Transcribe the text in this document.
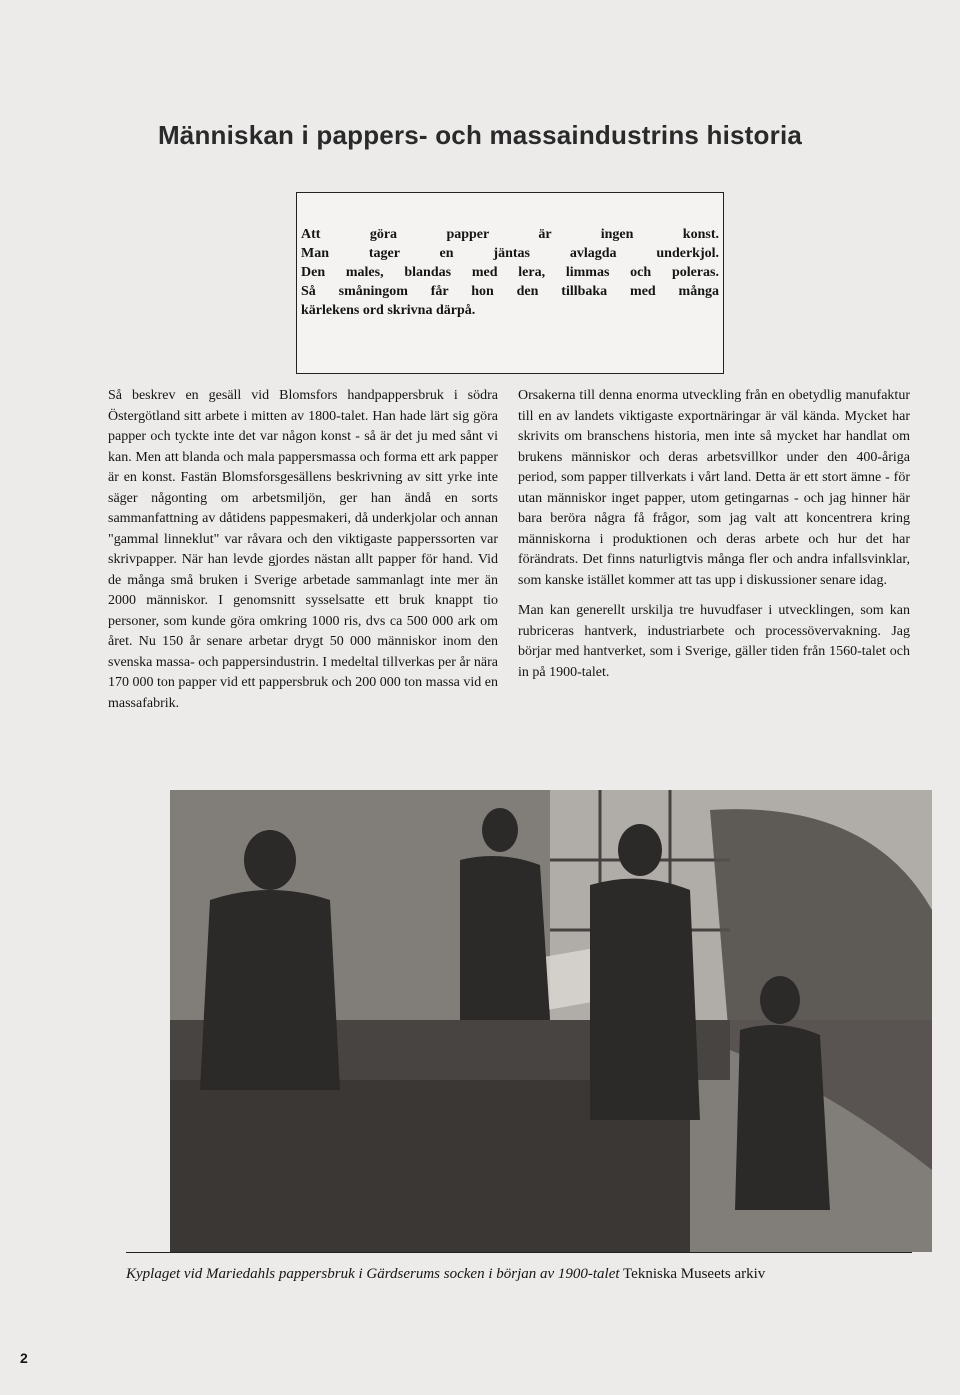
Människan i pappers- och massaindustrins historia
Att göra papper är ingen konst.
Man tager en jäntas avlagda underkjol.
Den males, blandas med lera, limmas och poleras.
Så småningom får hon den tillbaka med många
kärlekens ord skrivna därpå.

Så beskrev en gesäll vid Blomsfors handpappersbruk i södra Östergötland sitt arbete i mitten av 1800-talet. Han hade lärt sig göra papper och tyckte inte det var någon konst - så är det ju med sånt vi kan. Men att blanda och mala pappersmassa och forma ett ark papper är en konst. Fastän Blomsforsgesällens beskrivning av sitt yrke inte säger någonting om arbetsmiljön, ger han ändå en sorts sammanfattning av dåtidens pappesmakeri, då underkjolar och annan "gammal linneklut" var råvara och den viktigaste papperssorten var skrivpapper. När han levde gjordes nästan allt papper för hand. Vid de många små bruken i Sverige arbetade sammanlagt inte mer än 2000 människor. I genomsnitt sysselsatte ett bruk knappt tio personer, som kunde göra omkring 1000 ris, dvs ca 500 000 ark om året. Nu 150 år senare arbetar drygt 50 000 människor inom den svenska massa- och pappersindustrin. I medeltal tillverkas per år nära 170 000 ton papper vid ett pappersbruk och 200 000 ton massa vid en massafabrik.

Orsakerna till denna enorma utveckling från en obetydlig manufaktur till en av landets viktigaste exportnäringar är väl kända. Mycket har skrivits om branschens historia, men inte så mycket har handlat om brukens människor och deras arbetsvillkor under den 400-åriga period, som papper tillverkats i vårt land. Detta är ett stort ämne - för utan människor inget papper, utom getingarnas - och jag hinner här bara beröra några få frågor, som jag valt att koncentrera kring människorna i produktionen och deras arbete och hur det har förändrats. Det finns naturligtvis många fler och andra infallsvinklar, som kanske istället kommer att tas upp i diskussioner senare idag.

Man kan generellt urskilja tre huvudfaser i utvecklingen, som kan rubriceras hantverk, industriarbete och processövervakning. Jag börjar med hantverket, som i Sverige, gäller tiden från 1560-talet och in på 1900-talet.

Kyplaget vid Mariedahls pappersbruk i Gärdserums socken i början av 1900-talet Tekniska Museets arkiv
2
